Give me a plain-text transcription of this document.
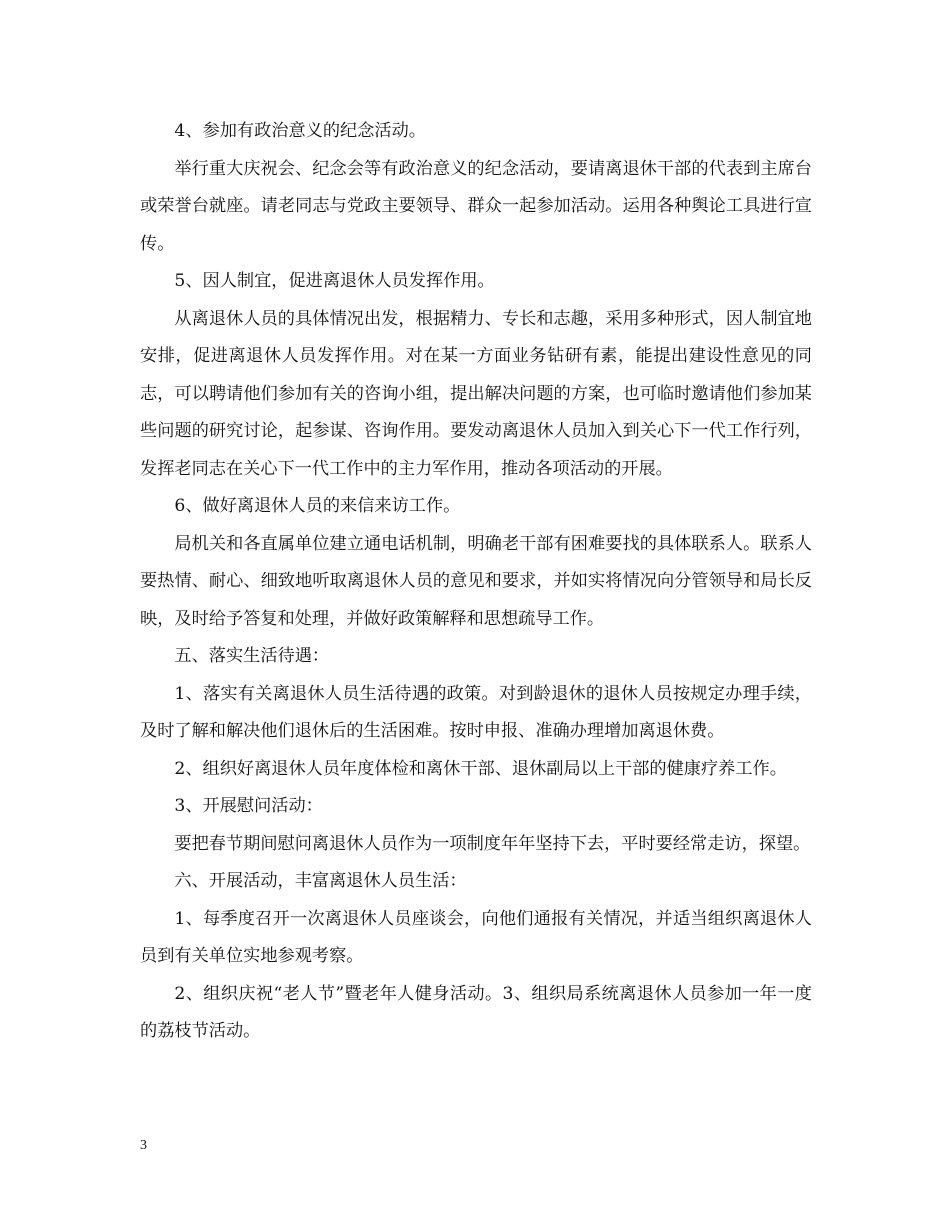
4、参加有政治意义的纪念活动。

举行重大庆祝会、纪念会等有政治意义的纪念活动，要请离退休干部的代表到主席台或荣誉台就座。请老同志与党政主要领导、群众一起参加活动。运用各种舆论工具进行宣传。

5、因人制宜，促进离退休人员发挥作用。

从离退休人员的具体情况出发，根据精力、专长和志趣，采用多种形式，因人制宜地安排，促进离退休人员发挥作用。对在某一方面业务钻研有素，能提出建设性意见的同志，可以聘请他们参加有关的咨询小组，提出解决问题的方案，也可临时邀请他们参加某些问题的研究讨论，起参谋、咨询作用。要发动离退休人员加入到关心下一代工作行列，发挥老同志在关心下一代工作中的主力军作用，推动各项活动的开展。

6、做好离退休人员的来信来访工作。

局机关和各直属单位建立通电话机制，明确老干部有困难要找的具体联系人。联系人要热情、耐心、细致地听取离退休人员的意见和要求，并如实将情况向分管领导和局长反映，及时给予答复和处理，并做好政策解释和思想疏导工作。

五、落实生活待遇：

1、落实有关离退休人员生活待遇的政策。对到龄退休的退休人员按规定办理手续，及时了解和解决他们退休后的生活困难。按时申报、准确办理增加离退休费。

2、组织好离退休人员年度体检和离休干部、退休副局以上干部的健康疗养工作。

3、开展慰问活动：

要把春节期间慰问离退休人员作为一项制度年年坚持下去，平时要经常走访，探望。

六、开展活动，丰富离退休人员生活：

1、每季度召开一次离退休人员座谈会，向他们通报有关情况，并适当组织离退休人员到有关单位实地参观考察。

2、组织庆祝“老人节”暨老年人健身活动。3、组织局系统离退休人员参加一年一度的荔枝节活动。

3
